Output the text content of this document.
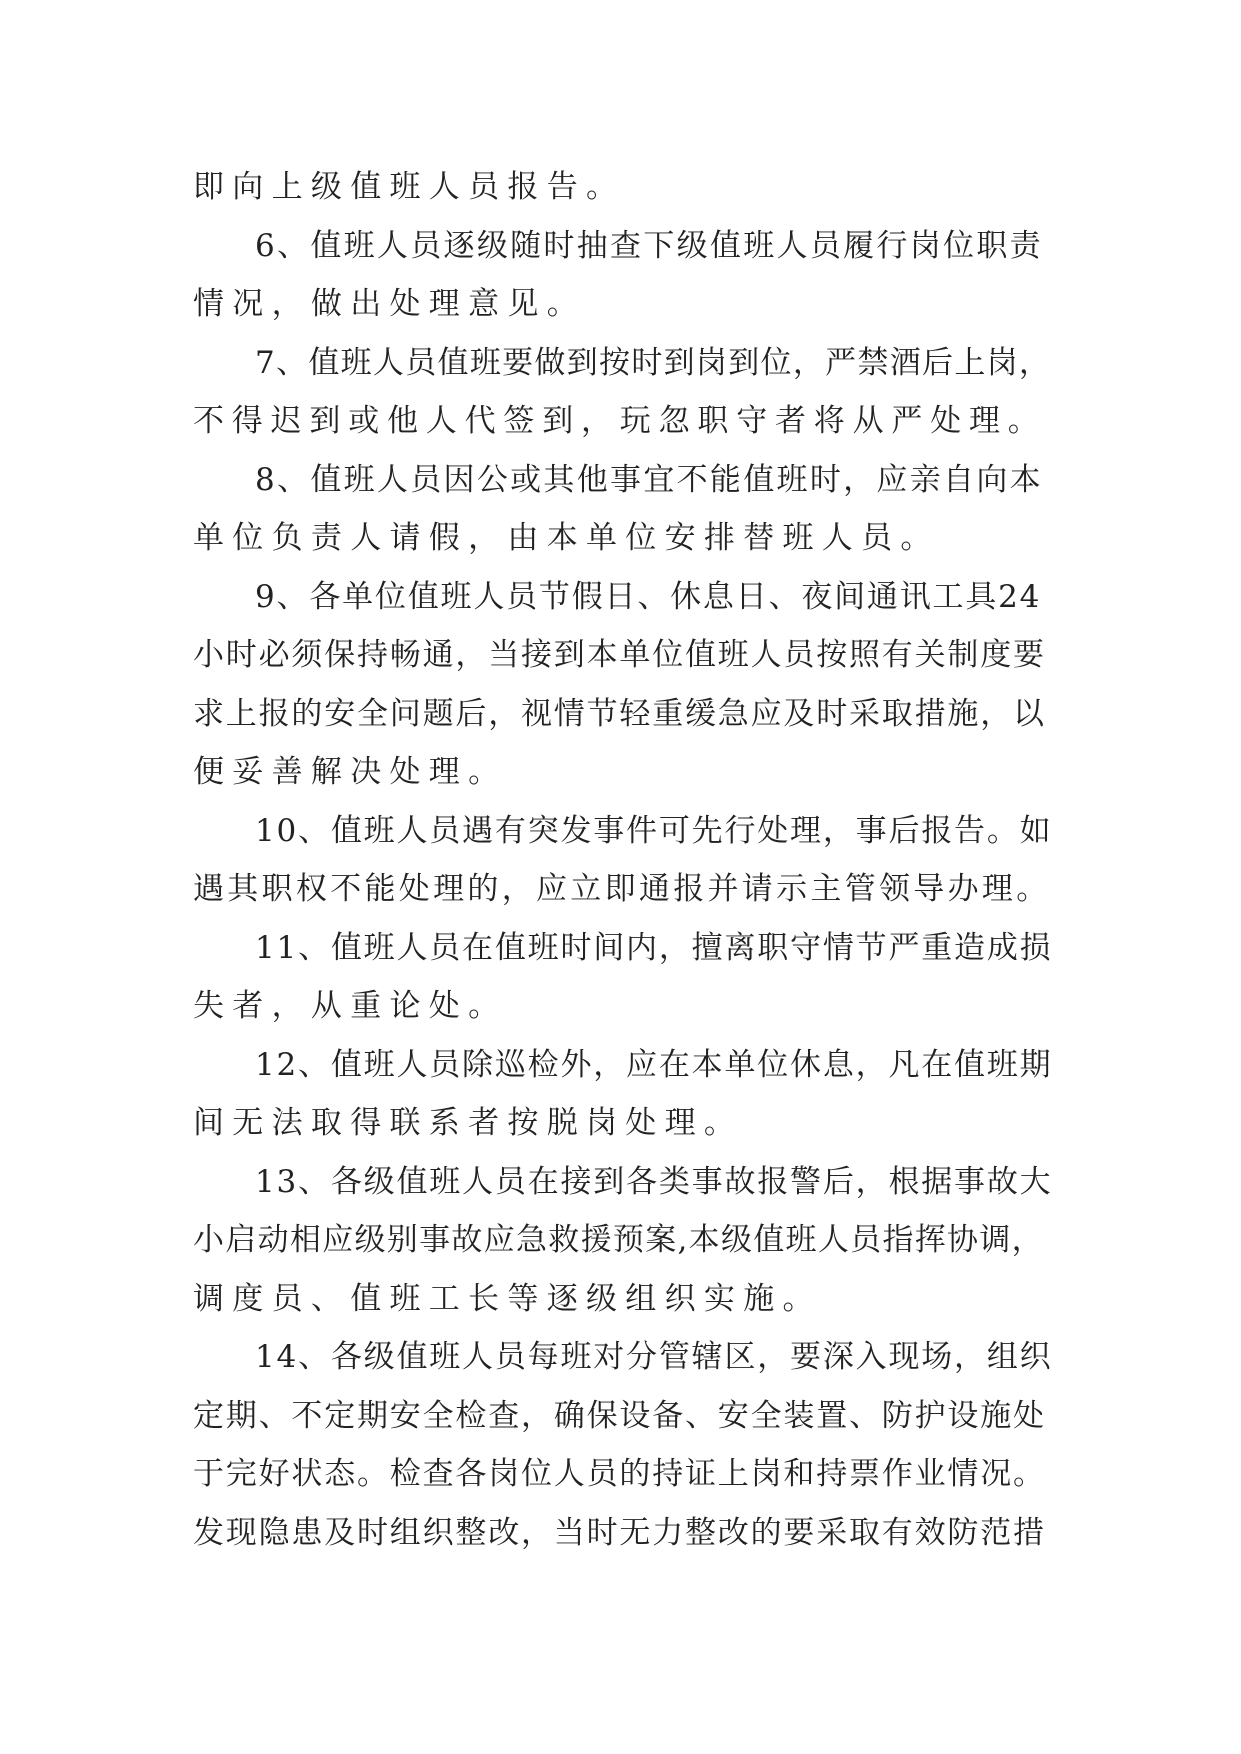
即向上级值班人员报告。
6、值班人员逐级随时抽查下级值班人员履行岗位职责
情况，做出处理意见。
7、值班人员值班要做到按时到岗到位，严禁酒后上岗，
不得迟到或他人代签到，玩忽职守者将从严处理。
8、值班人员因公或其他事宜不能值班时，应亲自向本
单位负责人请假，由本单位安排替班人员。
9、各单位值班人员节假日、休息日、夜间通讯工具24
小时必须保持畅通，当接到本单位值班人员按照有关制度要
求上报的安全问题后，视情节轻重缓急应及时采取措施，以
便妥善解决处理。
10、值班人员遇有突发事件可先行处理，事后报告。如
遇其职权不能处理的，应立即通报并请示主管领导办理。
11、值班人员在值班时间内，擅离职守情节严重造成损
失者，从重论处。
12、值班人员除巡检外，应在本单位休息，凡在值班期
间无法取得联系者按脱岗处理。
13、各级值班人员在接到各类事故报警后，根据事故大
小启动相应级别事故应急救援预案,本级值班人员指挥协调，
调度员、值班工长等逐级组织实施。
14、各级值班人员每班对分管辖区，要深入现场，组织
定期、不定期安全检查，确保设备、安全装置、防护设施处
于完好状态。检查各岗位人员的持证上岗和持票作业情况。
发现隐患及时组织整改，当时无力整改的要采取有效防范措
